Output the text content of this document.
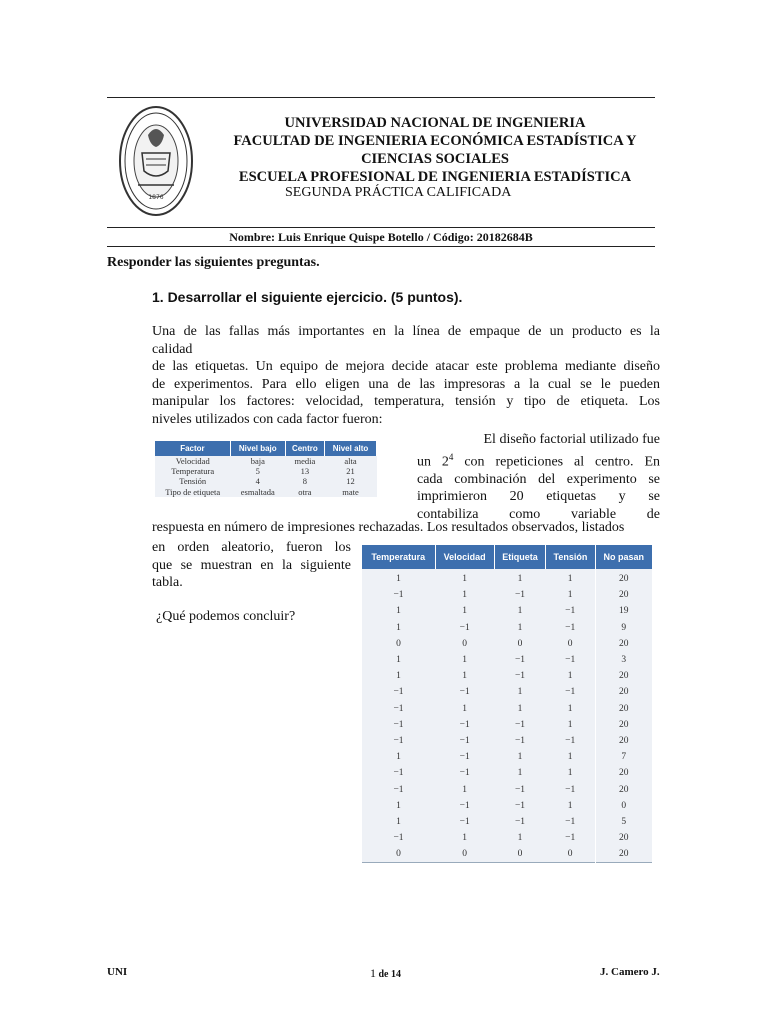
1876
UNIVERSIDAD NACIONAL DE INGENIERIA
FACULTAD DE INGENIERIA ECONÓMICA ESTADÍSTICA Y
CIENCIAS SOCIALES
ESCUELA PROFESIONAL DE INGENIERIA ESTADÍSTICA
SEGUNDA PRÁCTICA CALIFICADA
Nombre: Luis Enrique Quispe Botello / Código: 20182684B
Responder las siguientes preguntas.
1. Desarrollar el siguiente ejercicio. (5 puntos).
Una de las fallas más importantes en la línea de empaque de un producto es la
calidad
de las etiquetas. Un equipo de mejora decide atacar este problema mediante diseño
de experimentos. Para ello eligen una de las impresoras a la cual se le pueden
manipular los factores: velocidad, temperatura, tensión y tipo de etiqueta. Los
niveles utilizados con cada factor fueron:
Factor	Nivel bajo	Centro	Nivel alto
Velocidad	baja	media	alta
Temperatura	5	13	21
Tensión	4	8	12
Tipo de etiqueta	esmaltada	otra	mate
El diseño factorial utilizado fue
un $2^4$ con repeticiones al centro. En
cada combinación del experimento se
imprimieron 20 etiquetas y se
contabiliza como variable de
respuesta en número de impresiones rechazadas. Los resultados observados, listados
en orden aleatorio, fueron los
que se muestran en la siguiente
tabla.
¿Qué podemos concluir?
Temperatura	Velocidad	Etiqueta	Tensión	No pasan
1	1	1	1	20
−1	1	−1	1	20
1	1	1	−1	19
1	−1	1	−1	9
0	0	0	0	20
1	1	−1	−1	3
1	1	−1	1	20
−1	−1	1	−1	20
−1	1	1	1	20
−1	−1	−1	1	20
−1	−1	−1	−1	20
1	−1	1	1	7
−1	−1	1	1	20
−1	1	−1	−1	20
1	−1	−1	1	0
1	−1	−1	−1	5
−1	1	1	−1	20
0	0	0	0	20
UNI	1 de 14	J. Camero J.
